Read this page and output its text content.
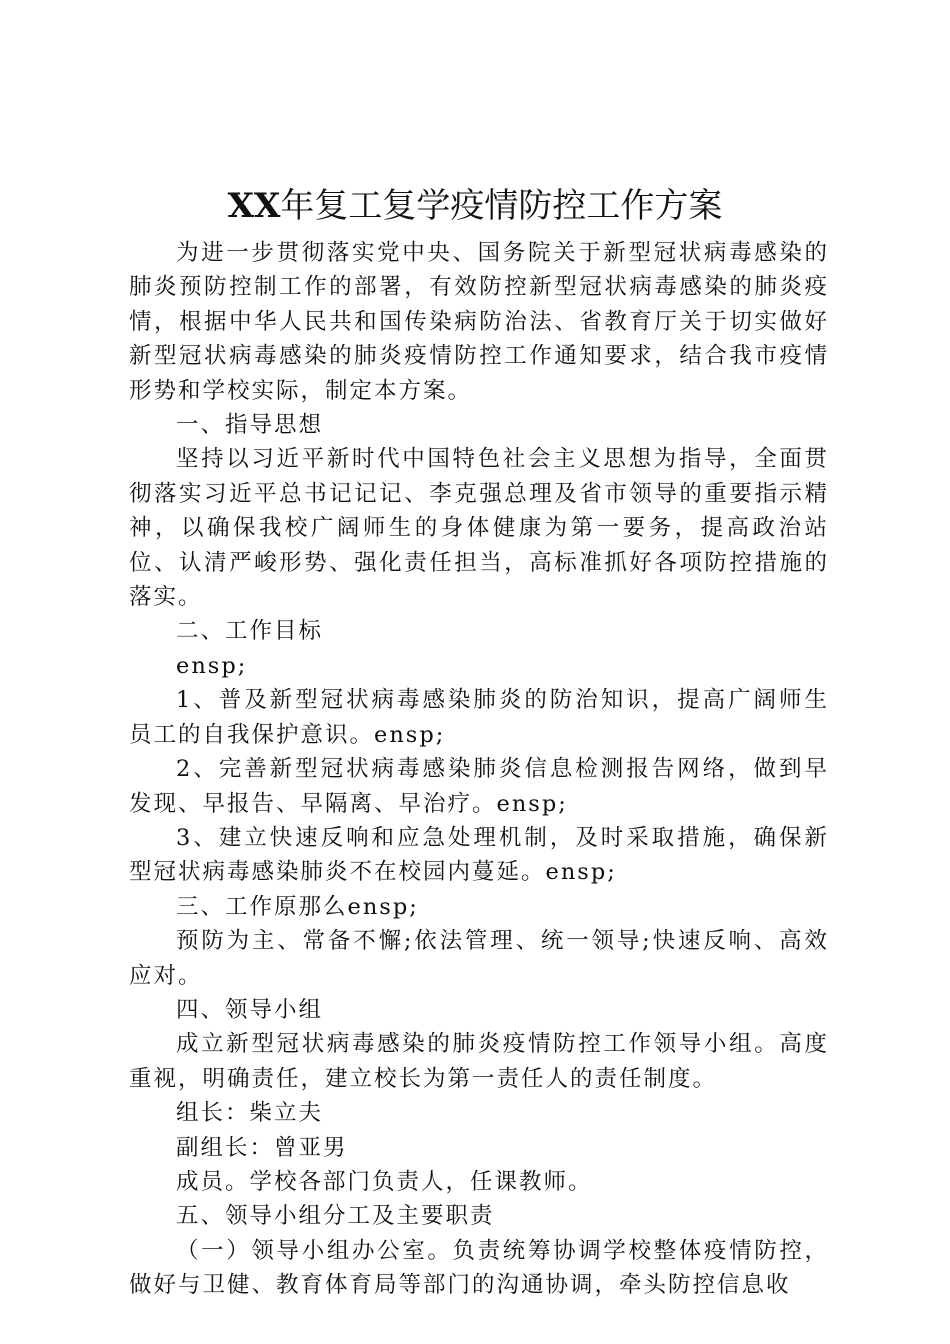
XX年复工复学疫情防控工作方案

为进一步贯彻落实党中央、国务院关于新型冠状病毒感染的肺炎预防控制工作的部署，有效防控新型冠状病毒感染的肺炎疫情，根据中华人民共和国传染病防治法、省教育厅关于切实做好新型冠状病毒感染的肺炎疫情防控工作通知要求，结合我市疫情形势和学校实际，制定本方案。

一、指导思想

坚持以习近平新时代中国特色社会主义思想为指导，全面贯彻落实习近平总书记记记、李克强总理及省市领导的重要指示精神，以确保我校广阔师生的身体健康为第一要务，提高政治站位、认清严峻形势、强化责任担当，高标准抓好各项防控措施的落实。

二、工作目标

ensp;

1、普及新型冠状病毒感染肺炎的防治知识，提高广阔师生员工的自我保护意识。ensp;

2、完善新型冠状病毒感染肺炎信息检测报告网络，做到早发现、早报告、早隔离、早治疗。ensp;

3、建立快速反响和应急处理机制，及时采取措施，确保新型冠状病毒感染肺炎不在校园内蔓延。ensp;

三、工作原那么ensp;

预防为主、常备不懈;依法管理、统一领导;快速反响、高效应对。

四、领导小组

成立新型冠状病毒感染的肺炎疫情防控工作领导小组。高度重视，明确责任，建立校长为第一责任人的责任制度。

组长：柴立夫

副组长：曾亚男

成员。学校各部门负责人，任课教师。

五、领导小组分工及主要职责

（一）领导小组办公室。负责统筹协调学校整体疫情防控，做好与卫健、教育体育局等部门的沟通协调，牵头防控信息收
